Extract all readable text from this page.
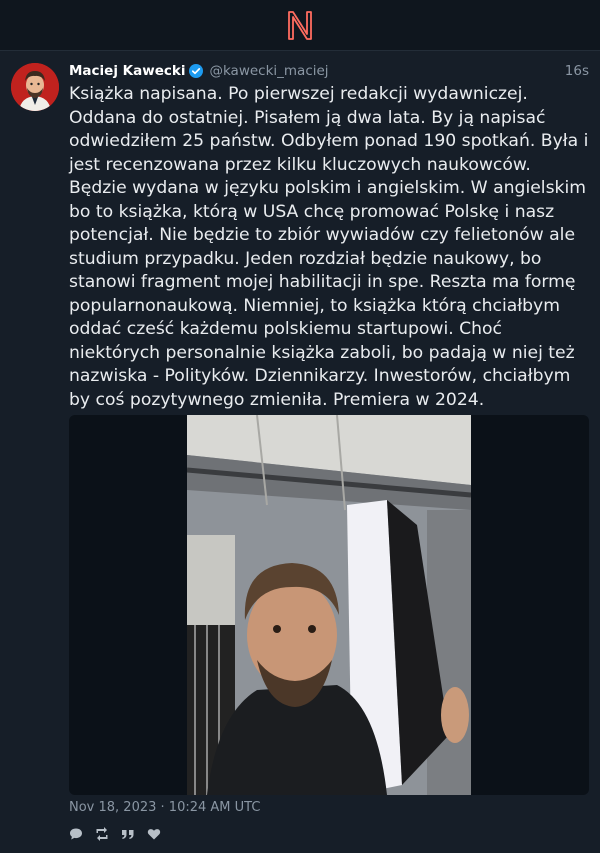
Maciej Kawecki @kawecki_maciej	16s
Książka napisana. Po pierwszej redakcji wydawniczej. Oddana do ostatniej. Pisałem ją dwa lata. By ją napisać odwiedziłem 25 państw. Odbyłem ponad 190 spotkań. Była i jest recenzowana przez kilku kluczowych naukowców. Będzie wydana w języku polskim i angielskim. W angielskim bo to książka, którą w USA chcę promować Polskę i nasz potencjał. Nie będzie to zbiór wywiadów czy felietonów ale studium przypadku. Jeden rozdział będzie naukowy, bo stanowi fragment mojej habilitacji in spe. Reszta ma formę popularnonaukową. Niemniej, to książka którą chciałbym oddać cześć każdemu polskiemu startupowi. Choć niektórych personalnie książka zaboli, bo padają w niej też nazwiska - Polityków. Dziennikarzy. Inwestorów, chciałbym by coś pozytywnego zmieniła. Premiera w 2024.
Nov 18, 2023 · 10:24 AM UTC
